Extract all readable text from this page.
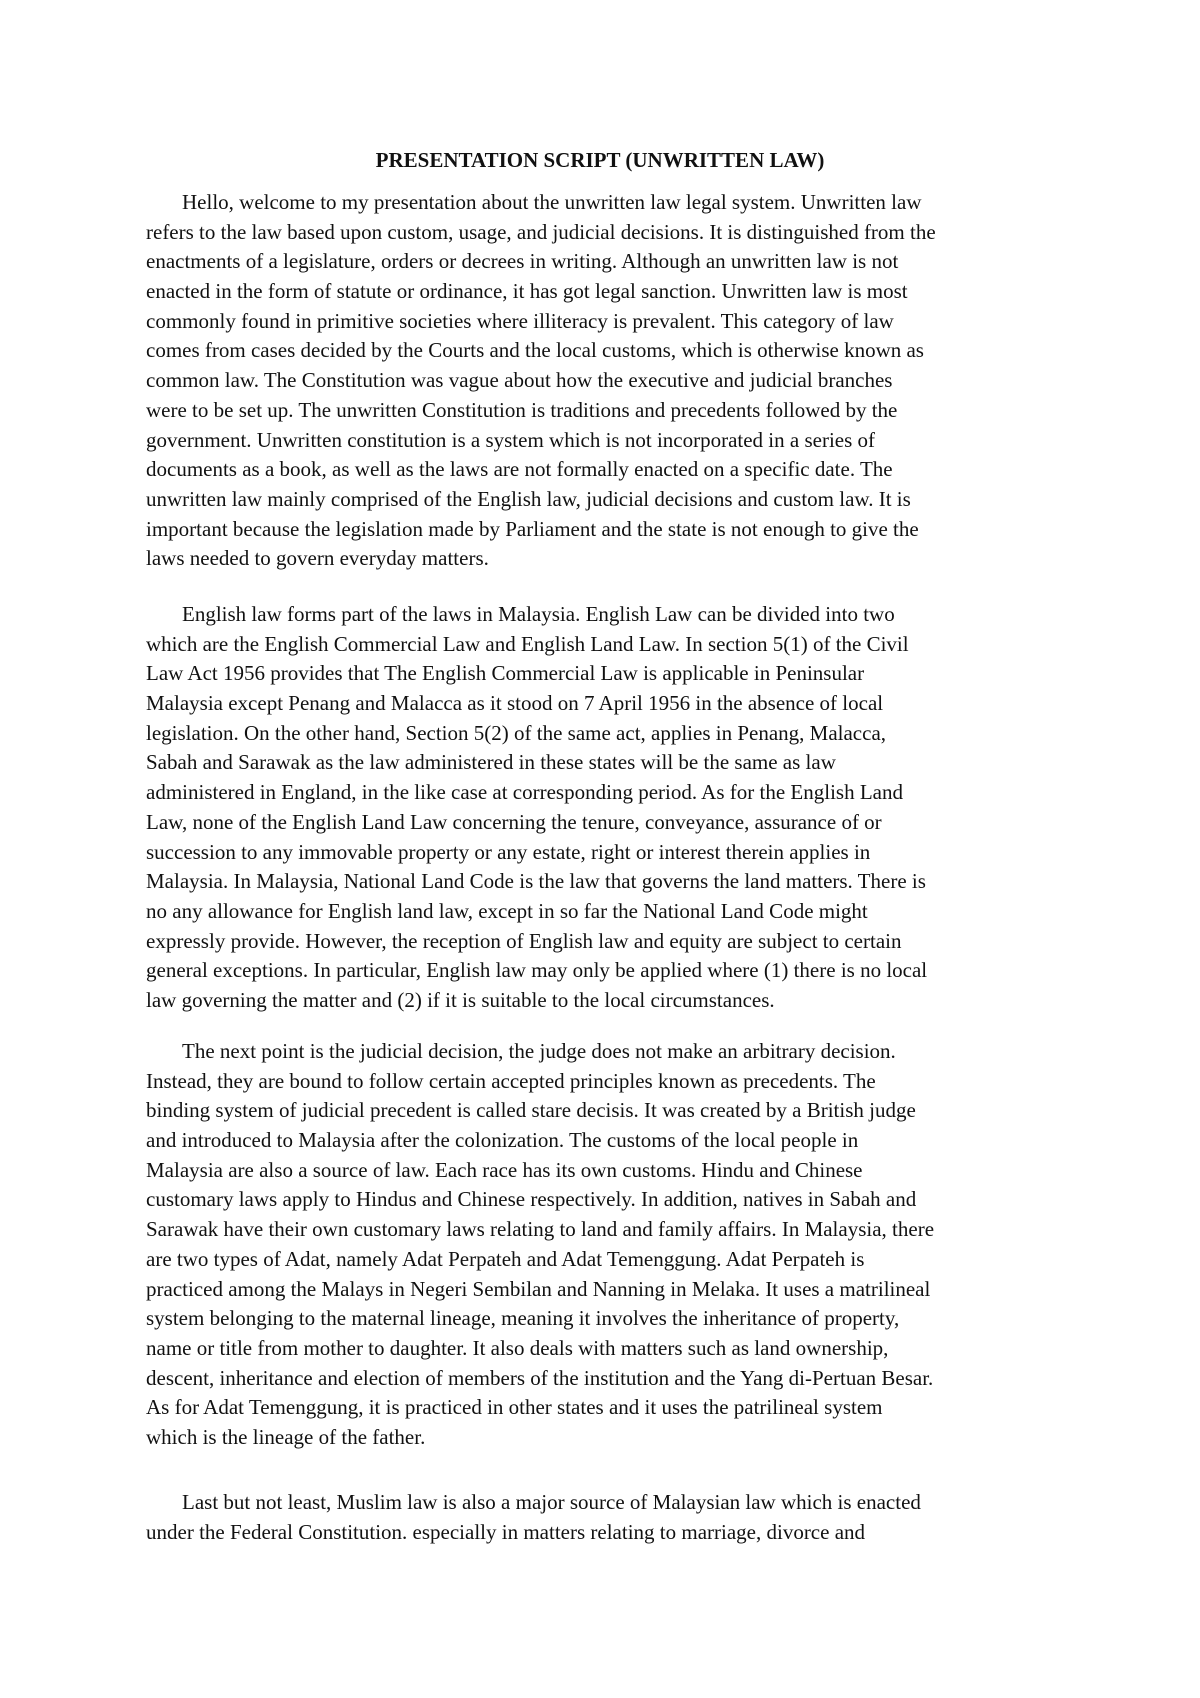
PRESENTATION SCRIPT (UNWRITTEN LAW)

Hello, welcome to my presentation about the unwritten law legal system. Unwritten law
refers to the law based upon custom, usage, and judicial decisions. It is distinguished from the
enactments of a legislature, orders or decrees in writing. Although an unwritten law is not
enacted in the form of statute or ordinance, it has got legal sanction. Unwritten law is most
commonly found in primitive societies where illiteracy is prevalent. This category of law
comes from cases decided by the Courts and the local customs, which is otherwise known as
common law. The Constitution was vague about how the executive and judicial branches
were to be set up. The unwritten Constitution is traditions and precedents followed by the
government. Unwritten constitution is a system which is not incorporated in a series of
documents as a book, as well as the laws are not formally enacted on a specific date. The
unwritten law mainly comprised of the English law, judicial decisions and custom law. It is
important because the legislation made by Parliament and the state is not enough to give the
laws needed to govern everyday matters.

English law forms part of the laws in Malaysia. English Law can be divided into two
which are the English Commercial Law and English Land Law. In section 5(1) of the Civil
Law Act 1956 provides that The English Commercial Law is applicable in Peninsular
Malaysia except Penang and Malacca as it stood on 7 April 1956 in the absence of local
legislation. On the other hand, Section 5(2) of the same act, applies in Penang, Malacca,
Sabah and Sarawak as the law administered in these states will be the same as law
administered in England, in the like case at corresponding period. As for the English Land
Law, none of the English Land Law concerning the tenure, conveyance, assurance of or
succession to any immovable property or any estate, right or interest therein applies in
Malaysia. In Malaysia, National Land Code is the law that governs the land matters. There is
no any allowance for English land law, except in so far the National Land Code might
expressly provide. However, the reception of English law and equity are subject to certain
general exceptions. In particular, English law may only be applied where (1) there is no local
law governing the matter and (2) if it is suitable to the local circumstances.

The next point is the judicial decision, the judge does not make an arbitrary decision.
Instead, they are bound to follow certain accepted principles known as precedents. The
binding system of judicial precedent is called stare decisis. It was created by a British judge
and introduced to Malaysia after the colonization. The customs of the local people in
Malaysia are also a source of law. Each race has its own customs. Hindu and Chinese
customary laws apply to Hindus and Chinese respectively. In addition, natives in Sabah and
Sarawak have their own customary laws relating to land and family affairs. In Malaysia, there
are two types of Adat, namely Adat Perpateh and Adat Temenggung. Adat Perpateh is
practiced among the Malays in Negeri Sembilan and Nanning in Melaka. It uses a matrilineal
system belonging to the maternal lineage, meaning it involves the inheritance of property,
name or title from mother to daughter. It also deals with matters such as land ownership,
descent, inheritance and election of members of the institution and the Yang di-Pertuan Besar.
As for Adat Temenggung, it is practiced in other states and it uses the patrilineal system
which is the lineage of the father.

Last but not least, Muslim law is also a major source of Malaysian law which is enacted
under the Federal Constitution. especially in matters relating to marriage, divorce and
